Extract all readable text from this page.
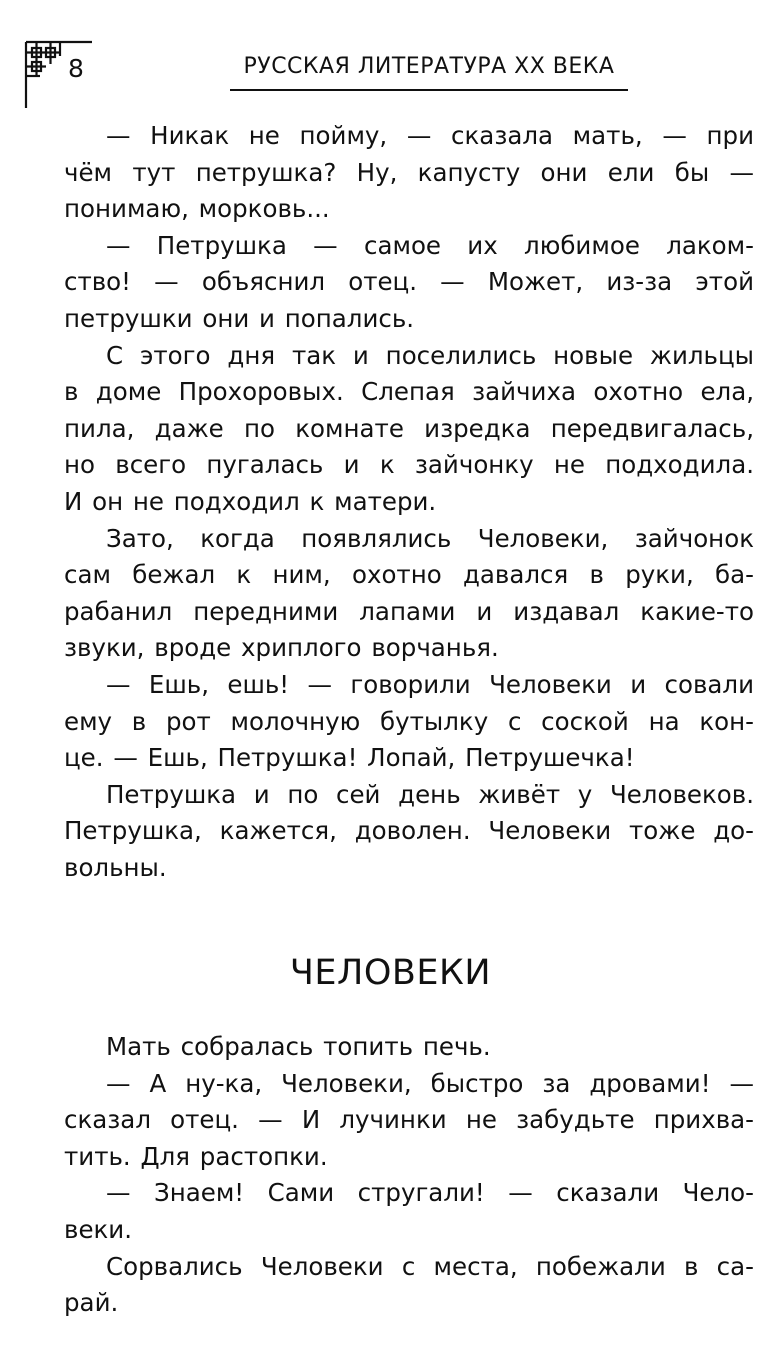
8	РУССКАЯ ЛИТЕРАТУРА XX ВЕКА
— Никак не пойму, — сказала мать, — при
чём тут петрушка? Ну, капусту они ели бы —
понимаю, морковь...
— Петрушка — самое их любимое лаком-
ство! — объяснил отец. — Может, из-за этой
петрушки они и попались.
С этого дня так и поселились новые жильцы
в доме Прохоровых. Слепая зайчиха охотно ела,
пила, даже по комнате изредка передвигалась,
но всего пугалась и к зайчонку не подходила.
И он не подходил к матери.
Зато, когда появлялись Человеки, зайчонок
сам бежал к ним, охотно давался в руки, ба-
рабанил передними лапами и издавал какие-то
звуки, вроде хриплого ворчанья.
— Ешь, ешь! — говорили Человеки и совали
ему в рот молочную бутылку с соской на кон-
це. — Ешь, Петрушка! Лопай, Петрушечка!
Петрушка и по сей день живёт у Человеков.
Петрушка, кажется, доволен. Человеки тоже до-
вольны.
ЧЕЛОВЕКИ
Мать собралась топить печь.
— А ну-ка, Человеки, быстро за дровами! —
сказал отец. — И лучинки не забудьте прихва-
тить. Для растопки.
— Знаем! Сами стругали! — сказали Чело-
веки.
Сорвались Человеки с места, побежали в са-
рай.
